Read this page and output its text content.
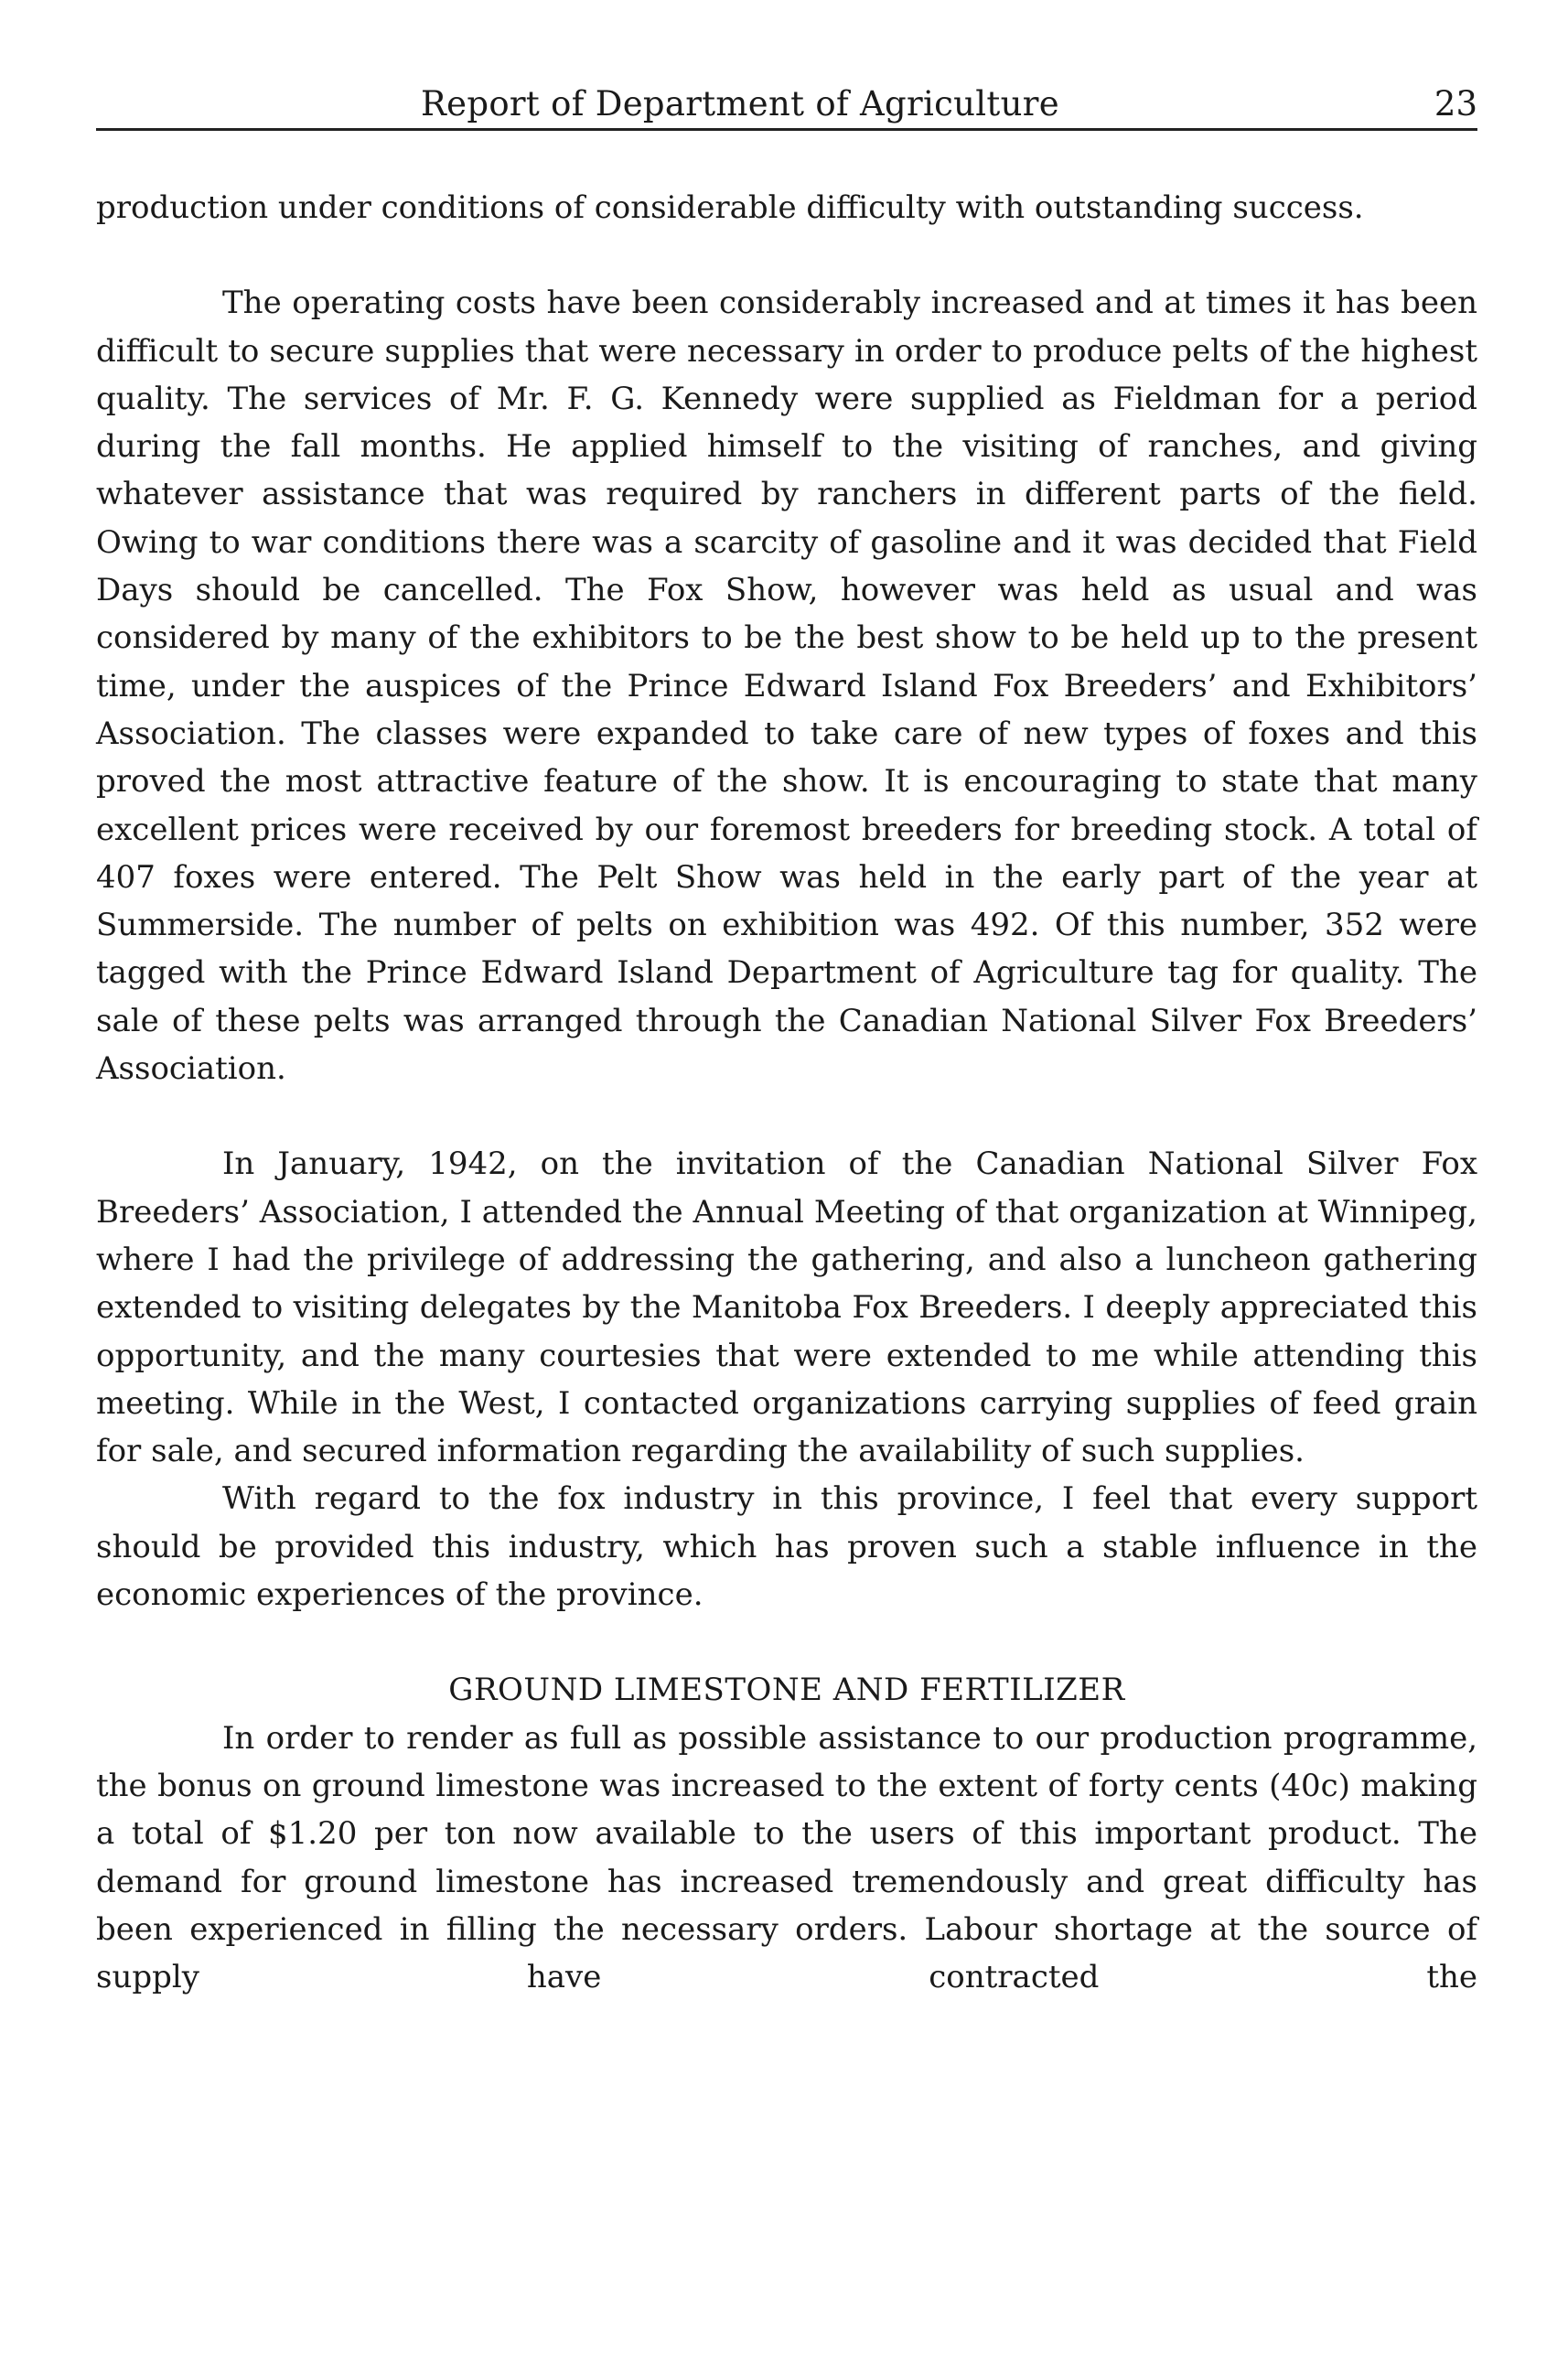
Report of Department of Agriculture	23

production under conditions of considerable difficulty with outstanding success.

The operating costs have been considerably increased and at times it has been difficult to secure supplies that were necessary in order to produce pelts of the highest quality. The services of Mr. F. G. Kennedy were supplied as Fieldman for a period during the fall months. He applied himself to the visiting of ranches, and giving whatever assistance that was required by ranchers in different parts of the field. Owing to war conditions there was a scarcity of gasoline and it was decided that Field Days should be cancelled. The Fox Show, however was held as usual and was considered by many of the exhibitors to be the best show to be held up to the present time, under the auspices of the Prince Edward Island Fox Breeders’ and Exhibitors’ Association. The classes were expanded to take care of new types of foxes and this proved the most attractive feature of the show. It is encouraging to state that many excellent prices were received by our foremost breeders for breeding stock. A total of 407 foxes were entered. The Pelt Show was held in the early part of the year at Summerside. The number of pelts on exhibition was 492. Of this number, 352 were tagged with the Prince Edward Island Department of Agriculture tag for quality. The sale of these pelts was arranged through the Canadian National Silver Fox Breeders’ Association.

In January, 1942, on the invitation of the Canadian National Silver Fox Breeders’ Association, I attended the Annual Meeting of that organization at Winnipeg, where I had the privilege of addressing the gathering, and also a luncheon gathering extended to visiting delegates by the Manitoba Fox Breeders. I deeply appreciated this opportunity, and the many courtesies that were extended to me while attending this meeting. While in the West, I contacted organizations carrying supplies of feed grain for sale, and secured information regarding the availability of such supplies.

With regard to the fox industry in this province, I feel that every support should be provided this industry, which has proven such a stable influence in the economic experiences of the province.

GROUND LIMESTONE AND FERTILIZER

In order to render as full as possible assistance to our production programme, the bonus on ground limestone was increased to the extent of forty cents (40c) making a total of $1.20 per ton now available to the users of this important product. The demand for ground limestone has increased tremendously and great difficulty has been experienced in filling the necessary orders. Labour shortage at the source of supply have contracted the
